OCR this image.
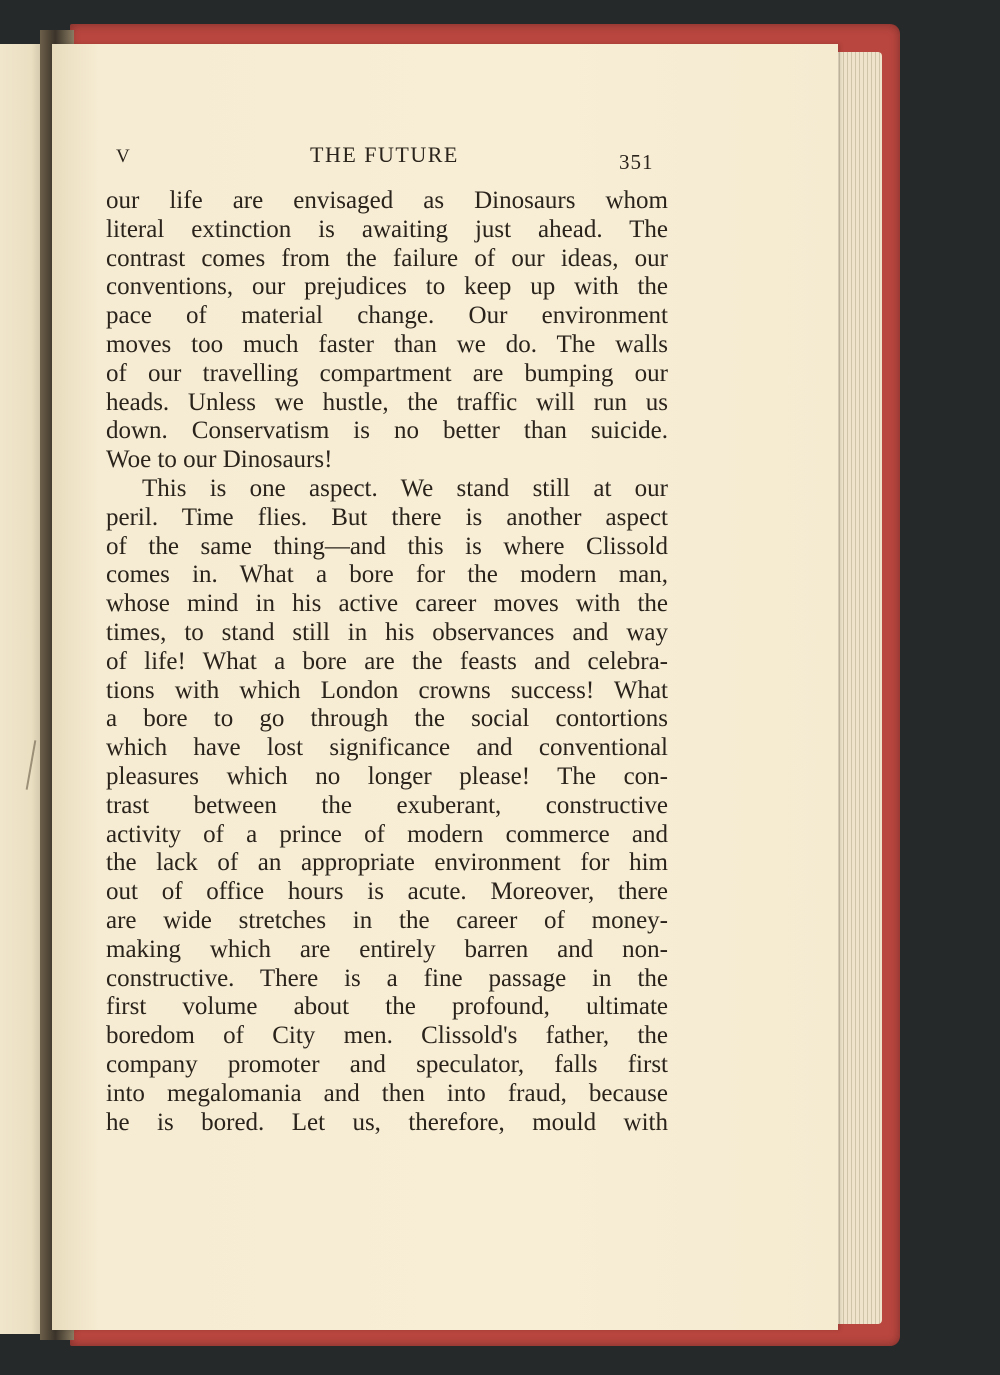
V	THE FUTURE	351
our life are envisaged as Dinosaurs whom
literal extinction is awaiting just ahead. The
contrast comes from the failure of our ideas, our
conventions, our prejudices to keep up with the
pace of material change. Our environment
moves too much faster than we do. The walls
of our travelling compartment are bumping our
heads. Unless we hustle, the traffic will run us
down. Conservatism is no better than suicide.
Woe to our Dinosaurs!
This is one aspect. We stand still at our
peril. Time flies. But there is another aspect
of the same thing—and this is where Clissold
comes in. What a bore for the modern man,
whose mind in his active career moves with the
times, to stand still in his observances and way
of life! What a bore are the feasts and celebra-
tions with which London crowns success! What
a bore to go through the social contortions
which have lost significance and conventional
pleasures which no longer please! The con-
trast between the exuberant, constructive
activity of a prince of modern commerce and
the lack of an appropriate environment for him
out of office hours is acute. Moreover, there
are wide stretches in the career of money-
making which are entirely barren and non-
constructive. There is a fine passage in the
first volume about the profound, ultimate
boredom of City men. Clissold's father, the
company promoter and speculator, falls first
into megalomania and then into fraud, because
he is bored. Let us, therefore, mould with
